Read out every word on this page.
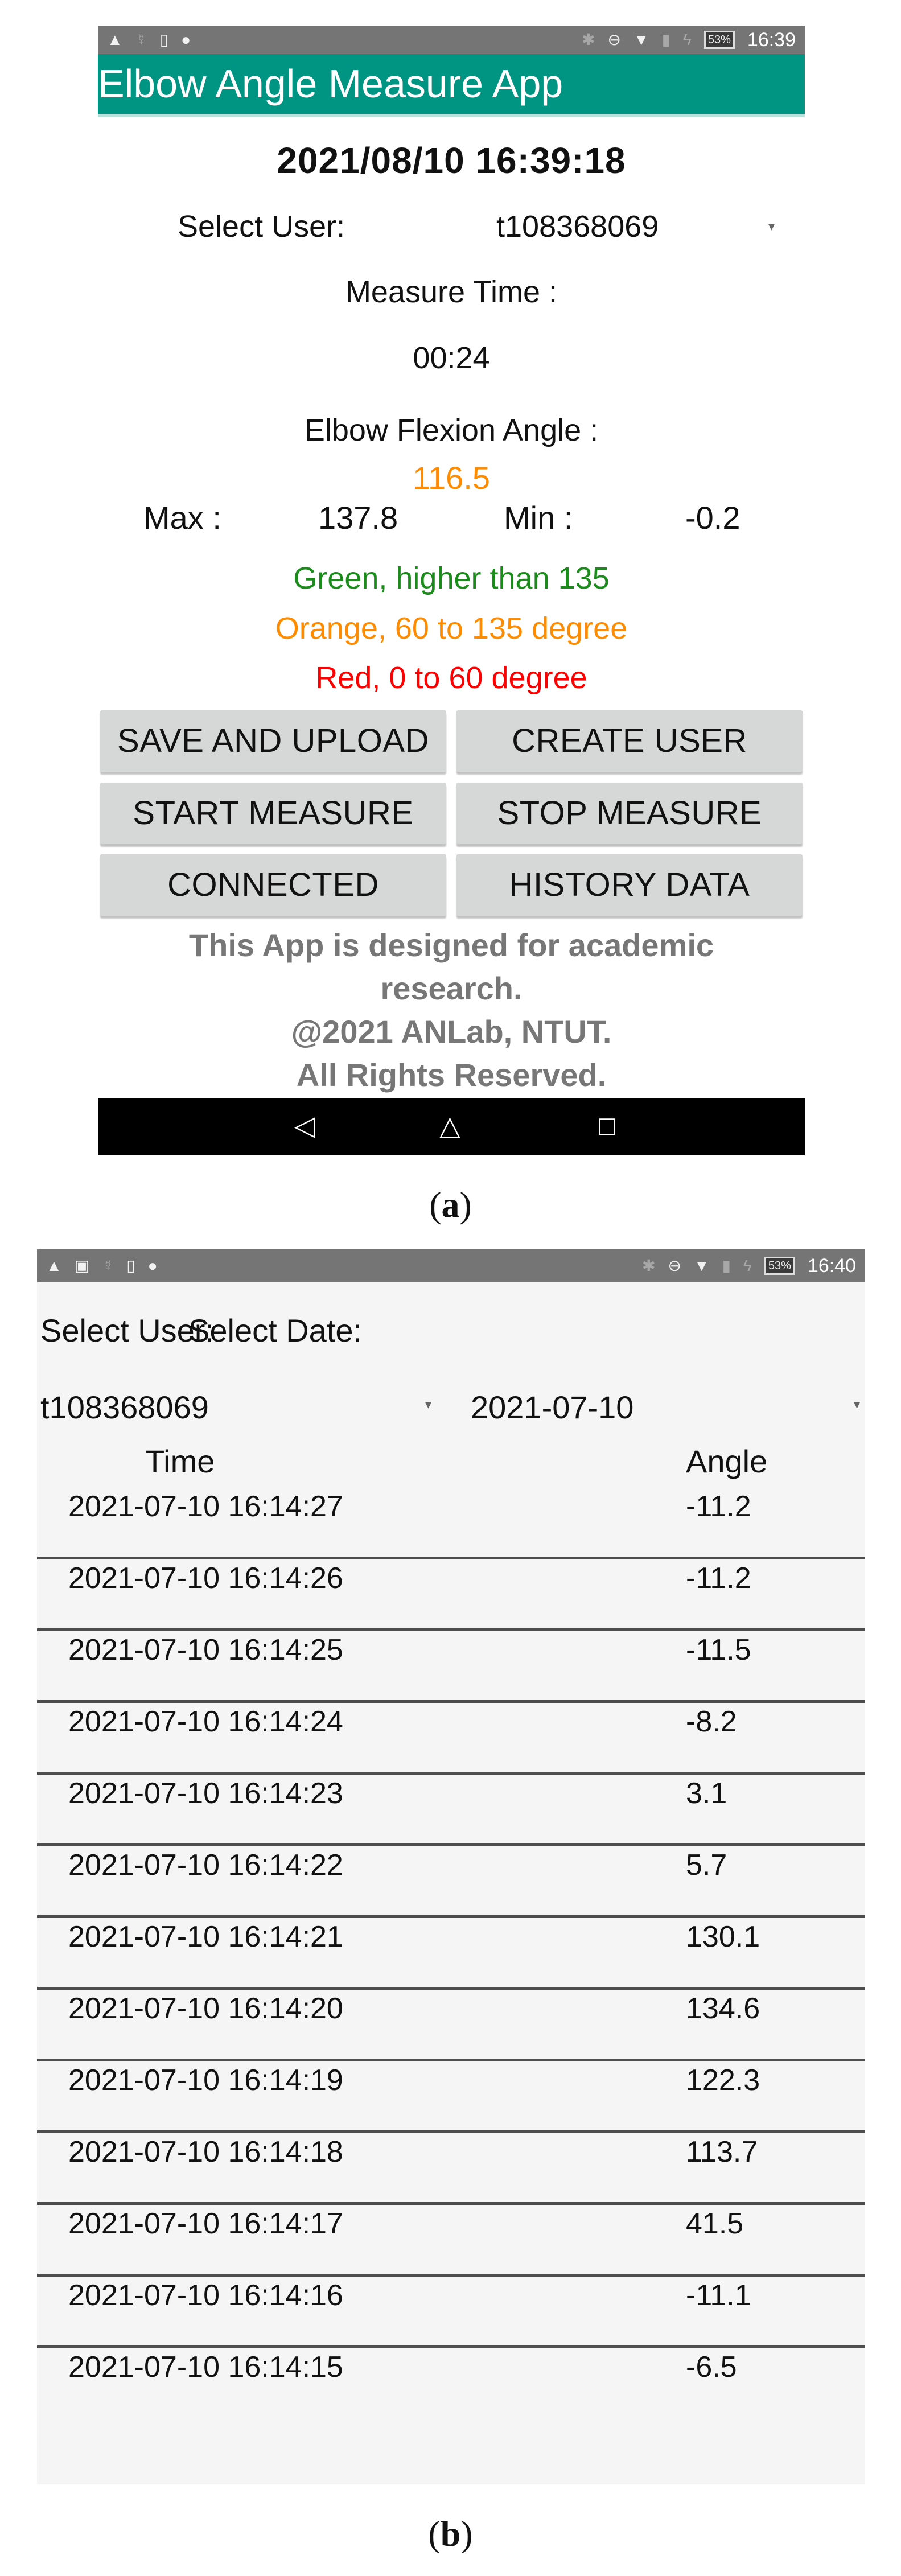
▲ ☿ ▯ ●	✱ ⊖ ▼ ▮ ϟ	53% 16:39
Elbow Angle Measure App
2021/08/10 16:39:18
Select User:	t108368069	▾
Measure Time :
00:24
Elbow Flexion Angle :
116.5
Max :	137.8	Min :	-0.2
Green, higher than 135
Orange, 60 to 135 degree
Red, 0 to 60 degree
SAVE AND UPLOAD	CREATE USER
START MEASURE	STOP MEASURE
CONNECTED	HISTORY DATA
This App is designed for academic
research.
@2021 ANLab, NTUT.
All Rights Reserved.
◁	△	□
(a)
▲ ▣ ☿ ▯ ●	✱ ⊖ ▼ ▮ ϟ	53% 16:40
Select User:
Select Date:
t108368069	▾ 2021-07-10	▾
Time	Angle
2021-07-10 16:14:27	-11.2
2021-07-10 16:14:26	-11.2
2021-07-10 16:14:25	-11.5
2021-07-10 16:14:24	-8.2
2021-07-10 16:14:23	3.1
2021-07-10 16:14:22	5.7
2021-07-10 16:14:21	130.1
2021-07-10 16:14:20	134.6
2021-07-10 16:14:19	122.3
2021-07-10 16:14:18	113.7
2021-07-10 16:14:17	41.5
2021-07-10 16:14:16	-11.1
2021-07-10 16:14:15	-6.5
(b)
